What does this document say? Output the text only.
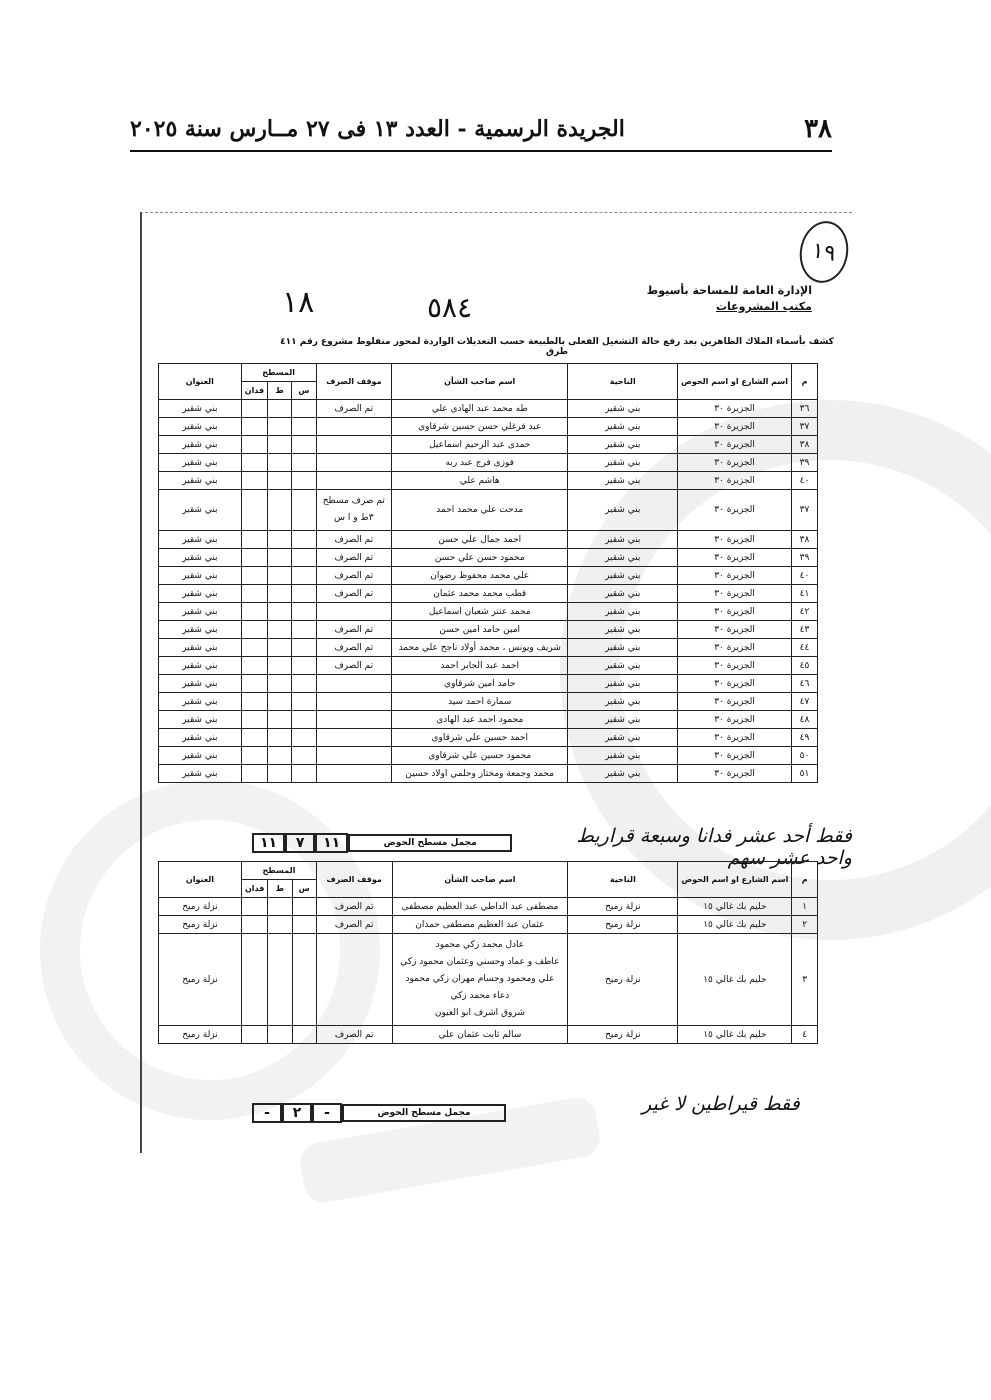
٣٨
الجريدة الرسمية - العدد ١٣ فى ٢٧ مــارس سنة ٢٠٢٥
١٩
الإدارة العامة للمساحة بأسيوط
مكتب المشروعات
١٨	٥٨٤
كشف بأسماء الملاك الظاهرين بعد رفع حالة التشغيل الفعلى بالطبيعة حسب التعديلات الواردة لمحور منفلوط مشروع رقم ٤١١ طرق
م	اسم الشارع او اسم الحوض	الناحية	اسم صاحب الشأن	موقف الصرف	المسطح			العنوان
					س	ط	فدان	
٣٦	الجزيرة ٣٠	بني شقير	طه محمد عبد الهادي علي	تم الصرف				بني شقير
٣٧	الجزيرة ٣٠	بني شقير	عبد فرغلي حسن حسين شرقاوي					بني شقير
٣٨	الجزيرة ٣٠	بني شقير	حمدى عبد الرحيم اسماعيل					بني شقير
٣٩	الجزيرة ٣٠	بني شقير	فوزى فرج عبد ربه					بني شقير
٤٠	الجزيرة ٣٠	بني شقير	هاشم علي					بني شقير
٣٧	الجزيرة ٣٠	بني شقير	مدحت علي محمد احمد	تم صرف مسطح ٣ط و ا س				بني شقير
٣٨	الجزيرة ٣٠	بني شقير	احمد جمال علي حسن	تم الصرف				بني شقير
٣٩	الجزيرة ٣٠	بني شقير	محمود حسن علي حسن	تم الصرف				بني شقير
٤٠	الجزيرة ٣٠	بني شقير	علي محمد محفوظ رضوان	تم الصرف				بني شقير
٤١	الجزيرة ٣٠	بني شقير	قطب محمد محمد عثمان	تم الصرف				بني شقير
٤٢	الجزيرة ٣٠	بني شقير	محمد عنتر شعبان اسماعيل					بني شقير
٤٣	الجزيرة ٣٠	بني شقير	امين حامد امين حسن	تم الصرف				بني شقير
٤٤	الجزيرة ٣٠	بني شقير	شريف ويونس ، محمد أولاد ناجح علي محمد	تم الصرف				بني شقير
٤٥	الجزيرة ٣٠	بني شقير	احمد عبد الجابر احمد	تم الصرف				بني شقير
٤٦	الجزيرة ٣٠	بني شقير	حامد امين شرقاوي					بني شقير
٤٧	الجزيرة ٣٠	بني شقير	سمارة احمد سيد					بني شقير
٤٨	الجزيرة ٣٠	بني شقير	محمود احمد عبد الهادي					بني شقير
٤٩	الجزيرة ٣٠	بني شقير	احمد حسين علي شرقاوي					بني شقير
٥٠	الجزيرة ٣٠	بني شقير	محمود حسين علي شرقاوي					بني شقير
٥١	الجزيرة ٣٠	بني شقير	محمد وجمعة ومختار وحلمي اولاد حسين					بني شقير
مجمل مسطح الحوض
١١
٧
١١	فقط أحد عشر فدانا وسبعة قراريط واحد عشر سهم
م	اسم الشارع او اسم الحوض	الناحية	اسم صاحب الشأن	موقف الصرف	المسطح			العنوان
					س	ط	فدان	
١	حليم بك غالي ١٥	نزلة رميح	مصطفى عبد الداطي عبد العظيم مصطفى	تم الصرف				نزلة رميح
٢	حليم بك غالي ١٥	نزلة رميح	عثمان عبد العظيم مصطفى حمدان	تم الصرف				نزلة رميح
٣	حليم بك غالي ١٥	نزلة رميح	عادل محمد زكي محمود
عاطف و عماد وحسني وعثمان محمود زكي
علي ومحمود وحسام مهران زكي محمود
دعاء محمد زكي
شروق اشرف ابو العيون					نزلة رميح
٤	حليم بك غالي ١٥	نزلة رميح	سالم ثابت عثمان علي	تم الصرف				نزلة رميح
مجمل مسطح الحوض
-
٢
-	فقط قيراطين لا غير
